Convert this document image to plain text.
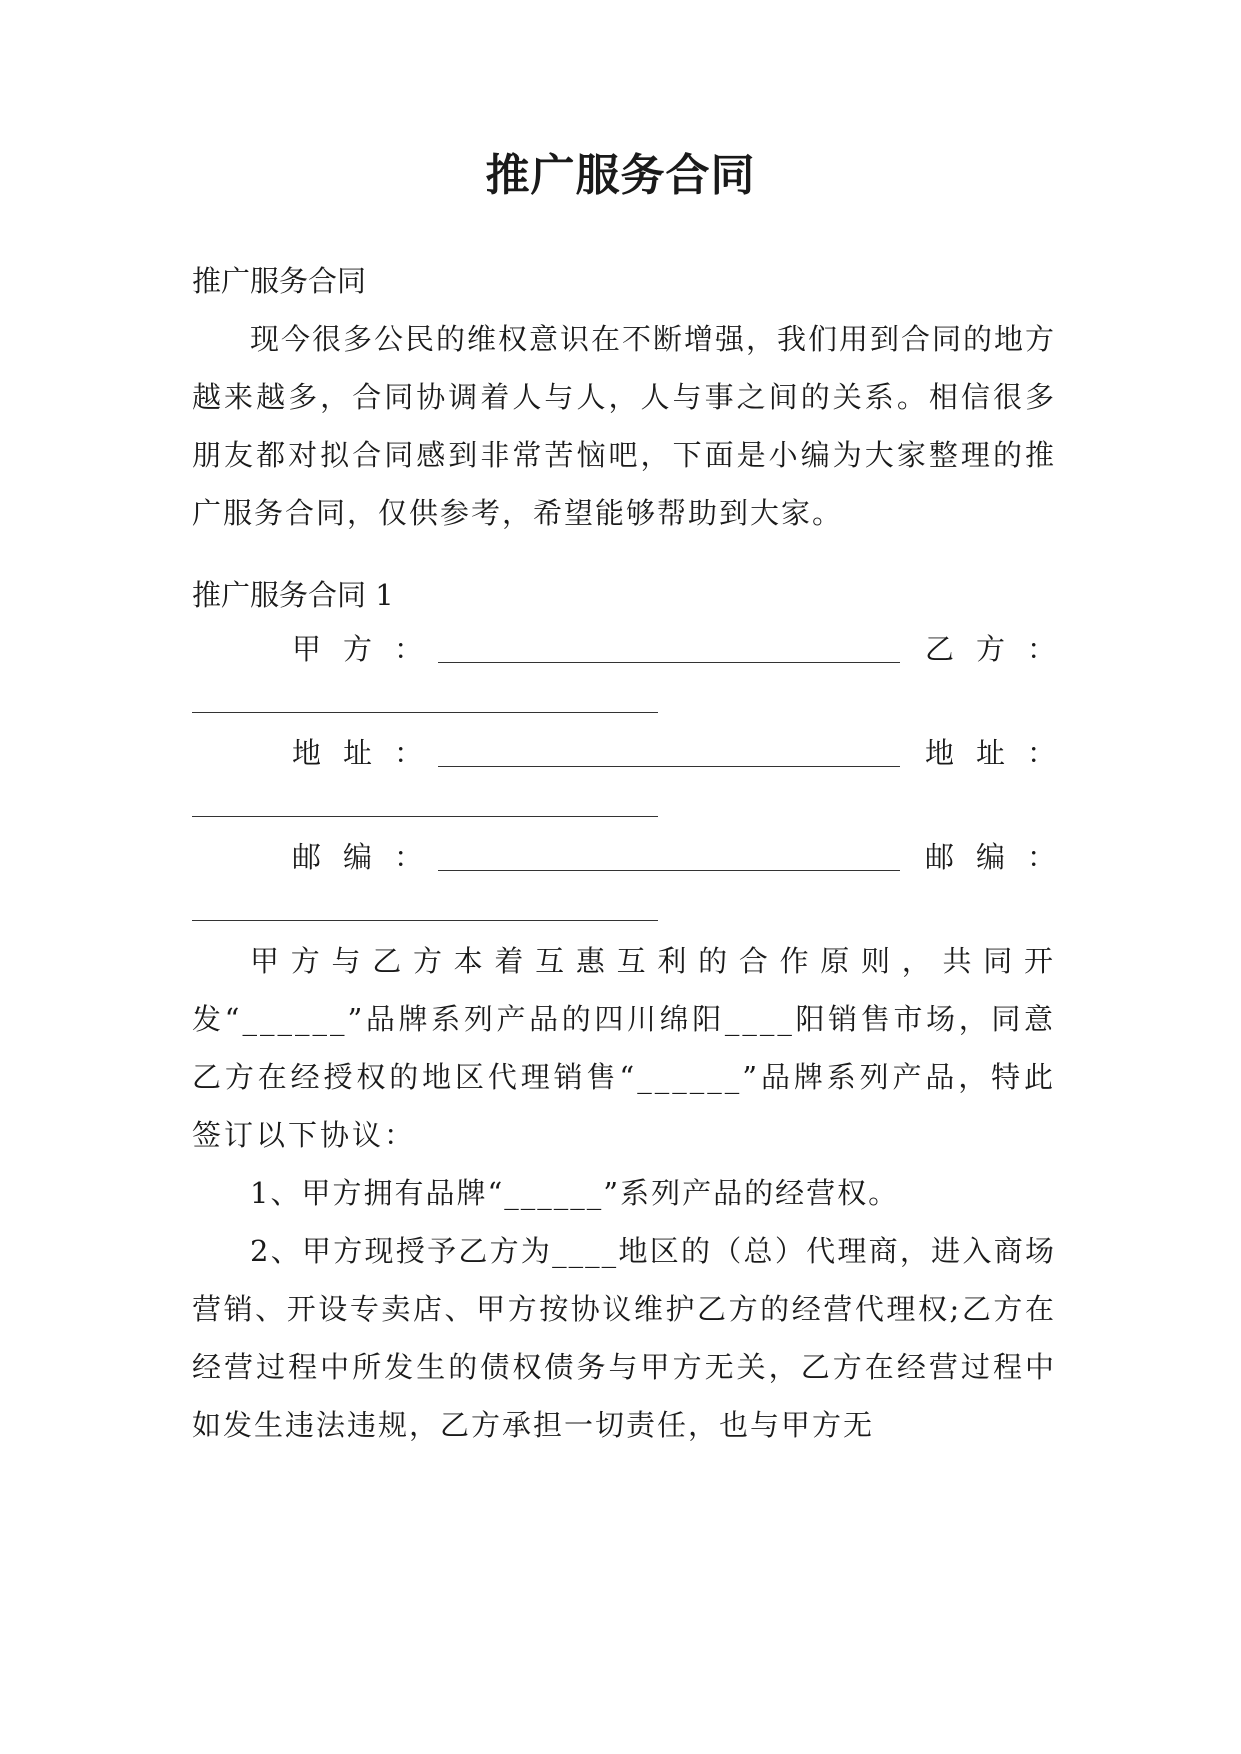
推广服务合同
推广服务合同

现今很多公民的维权意识在不断增强，我们用到合同的地方越来越多，合同协调着人与人，人与事之间的关系。相信很多朋友都对拟合同感到非常苦恼吧，下面是小编为大家整理的推广服务合同，仅供参考，希望能够帮助到大家。

推广服务合同 1
甲方：	乙方：
地址：	地址：
邮编：	邮编：

甲方与乙方本着互惠互利的合作原则，共同开发“______”品牌系列产品的四川绵阳____阳销售市场，同意乙方在经授权的地区代理销售“______”品牌系列产品，特此签订以下协议：

1、甲方拥有品牌“______”系列产品的经营权。

2、甲方现授予乙方为____地区的（总）代理商，进入商场营销、开设专卖店、甲方按协议维护乙方的经营代理权;乙方在经营过程中所发生的债权债务与甲方无关，乙方在经营过程中如发生违法违规，乙方承担一切责任，也与甲方无
